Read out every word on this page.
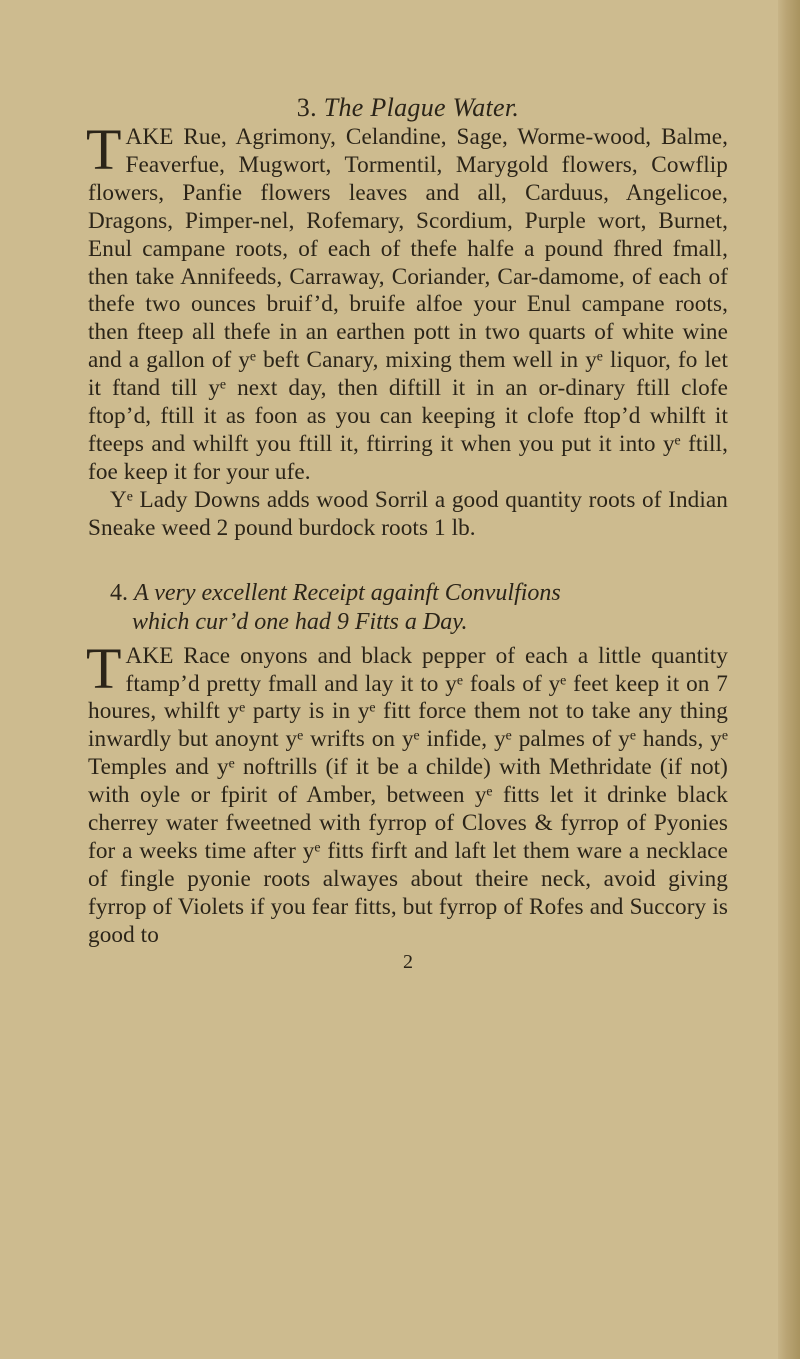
3. The Plague Water.

TAKE Rue, Agrimony, Celandine, Sage, Worme-wood, Balme, Feaverfue, Mugwort, Tormentil, Marygold flowers, Cowflip flowers, Panfie flowers leaves and all, Carduus, Angelicoe, Dragons, Pimper-nel, Rofemary, Scordium, Purple wort, Burnet, Enul campane roots, of each of thefe halfe a pound fhred fmall, then take Annifeeds, Carraway, Coriander, Car-damome, of each of thefe two ounces bruif’d, bruife alfoe your Enul campane roots, then fteep all thefe in an earthen pott in two quarts of white wine and a gallon of yᵉ beft Canary, mixing them well in yᵉ liquor, fo let it ftand till yᵉ next day, then diftill it in an or-dinary ftill clofe ftop’d, ftill it as foon as you can keeping it clofe ftop’d whilft it fteeps and whilft you ftill it, ftirring it when you put it into yᵉ ftill, foe keep it for your ufe.

Yᵉ Lady Downs adds wood Sorril a good quantity roots of Indian Sneake weed 2 pound burdock roots 1 lb.

4. A very excellent Receipt againft Convulfions
which cur’d one had 9 Fitts a Day.

TAKE Race onyons and black pepper of each a little quantity ftamp’d pretty fmall and lay it to yᵉ foals of yᵉ feet keep it on 7 houres, whilft yᵉ party is in yᵉ fitt force them not to take any thing inwardly but anoynt yᵉ wrifts on yᵉ infide, yᵉ palmes of yᵉ hands, yᵉ Temples and yᵉ noftrills (if it be a childe) with Methridate (if not) with oyle or fpirit of Amber, between yᵉ fitts let it drinke black cherrey water fweetned with fyrrop of Cloves & fyrrop of Pyonies for a weeks time after yᵉ fitts firft and laft let them ware a necklace of fingle pyonie roots alwayes about theire neck, avoid giving fyrrop of Violets if you fear fitts, but fyrrop of Rofes and Succory is good to

2
